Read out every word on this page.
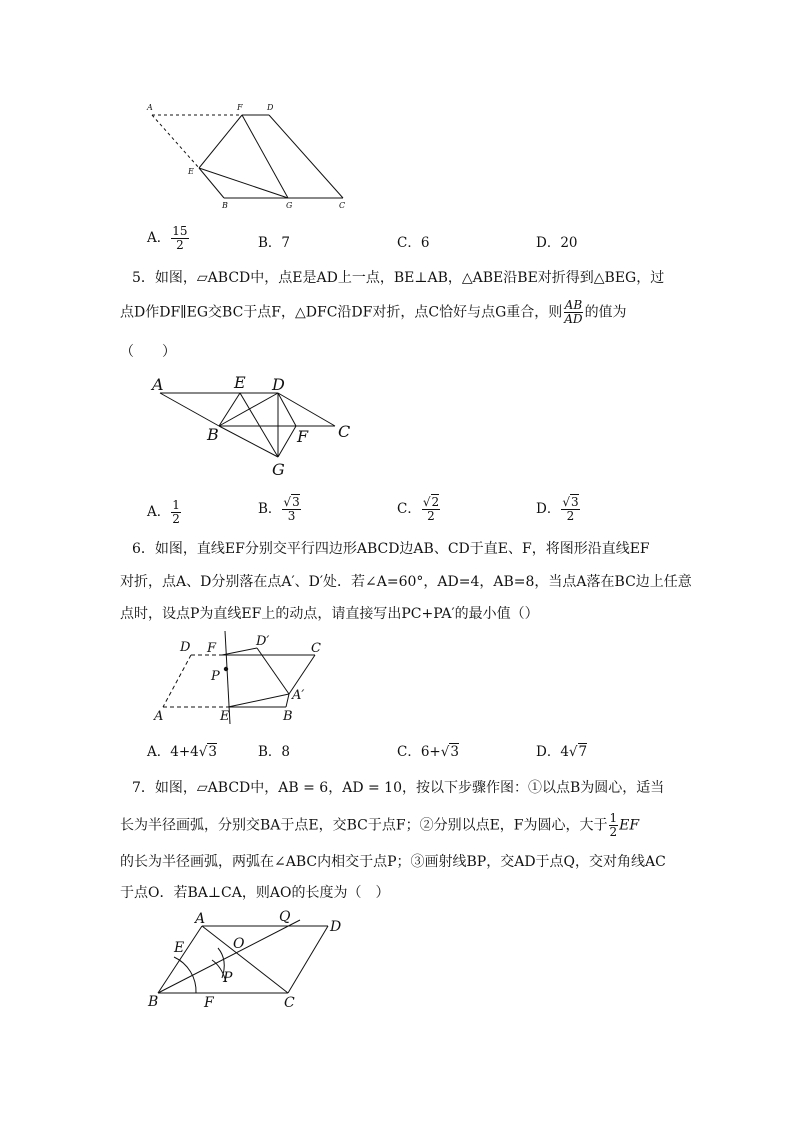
A	F	D
E
B	G	C
A． $\frac{15}{2}$	B．7	C．6	D．20
5．如图，▱ABCD中，点E是AD上一点，BE⊥AB，△ABE沿BE对折得到△BEG，过
点D作DF∥EG交BC于点F，△DFC沿DF对折，点C恰好与点G重合，则 $\frac{AB}{AD}$ 的值为
（　　）
A	E D
B	F C
G
A． $\frac{1}{2}$	B． $\frac{√3}{3}$	C． $\frac{√2}{2}$	D． $\frac{√3}{2}$
6．如图，直线EF分别交平行四边形ABCD边AB、CD于直E、F，将图形沿直线EF
对折，点A、D分别落在点A′、D′处．若∠A=60°，AD=4，AB=8，当点A落在BC边上任意
点时，设点P为直线EF上的动点，请直接写出PC+PA′的最小值（）
D F	D′	C
P
A′
A	E	B
A．4+4√3	B．8	C．6+√3	D．4√7
7．如图，▱ABCD中，AB = 6，AD = 10，按以下步骤作图：①以点B为圆心，适当
长为半径画弧，分别交BA于点E，交BC于点F；②分别以点E，F为圆心，大于 $\frac{1}{2}$ EF
的长为半径画弧，两弧在∠ABC内相交于点P；③画射线BP，交AD于点Q，交对角线AC
于点O．若BA⊥CA，则AO的长度为（　）
A	Q
D
E	O
P
B	F	C
